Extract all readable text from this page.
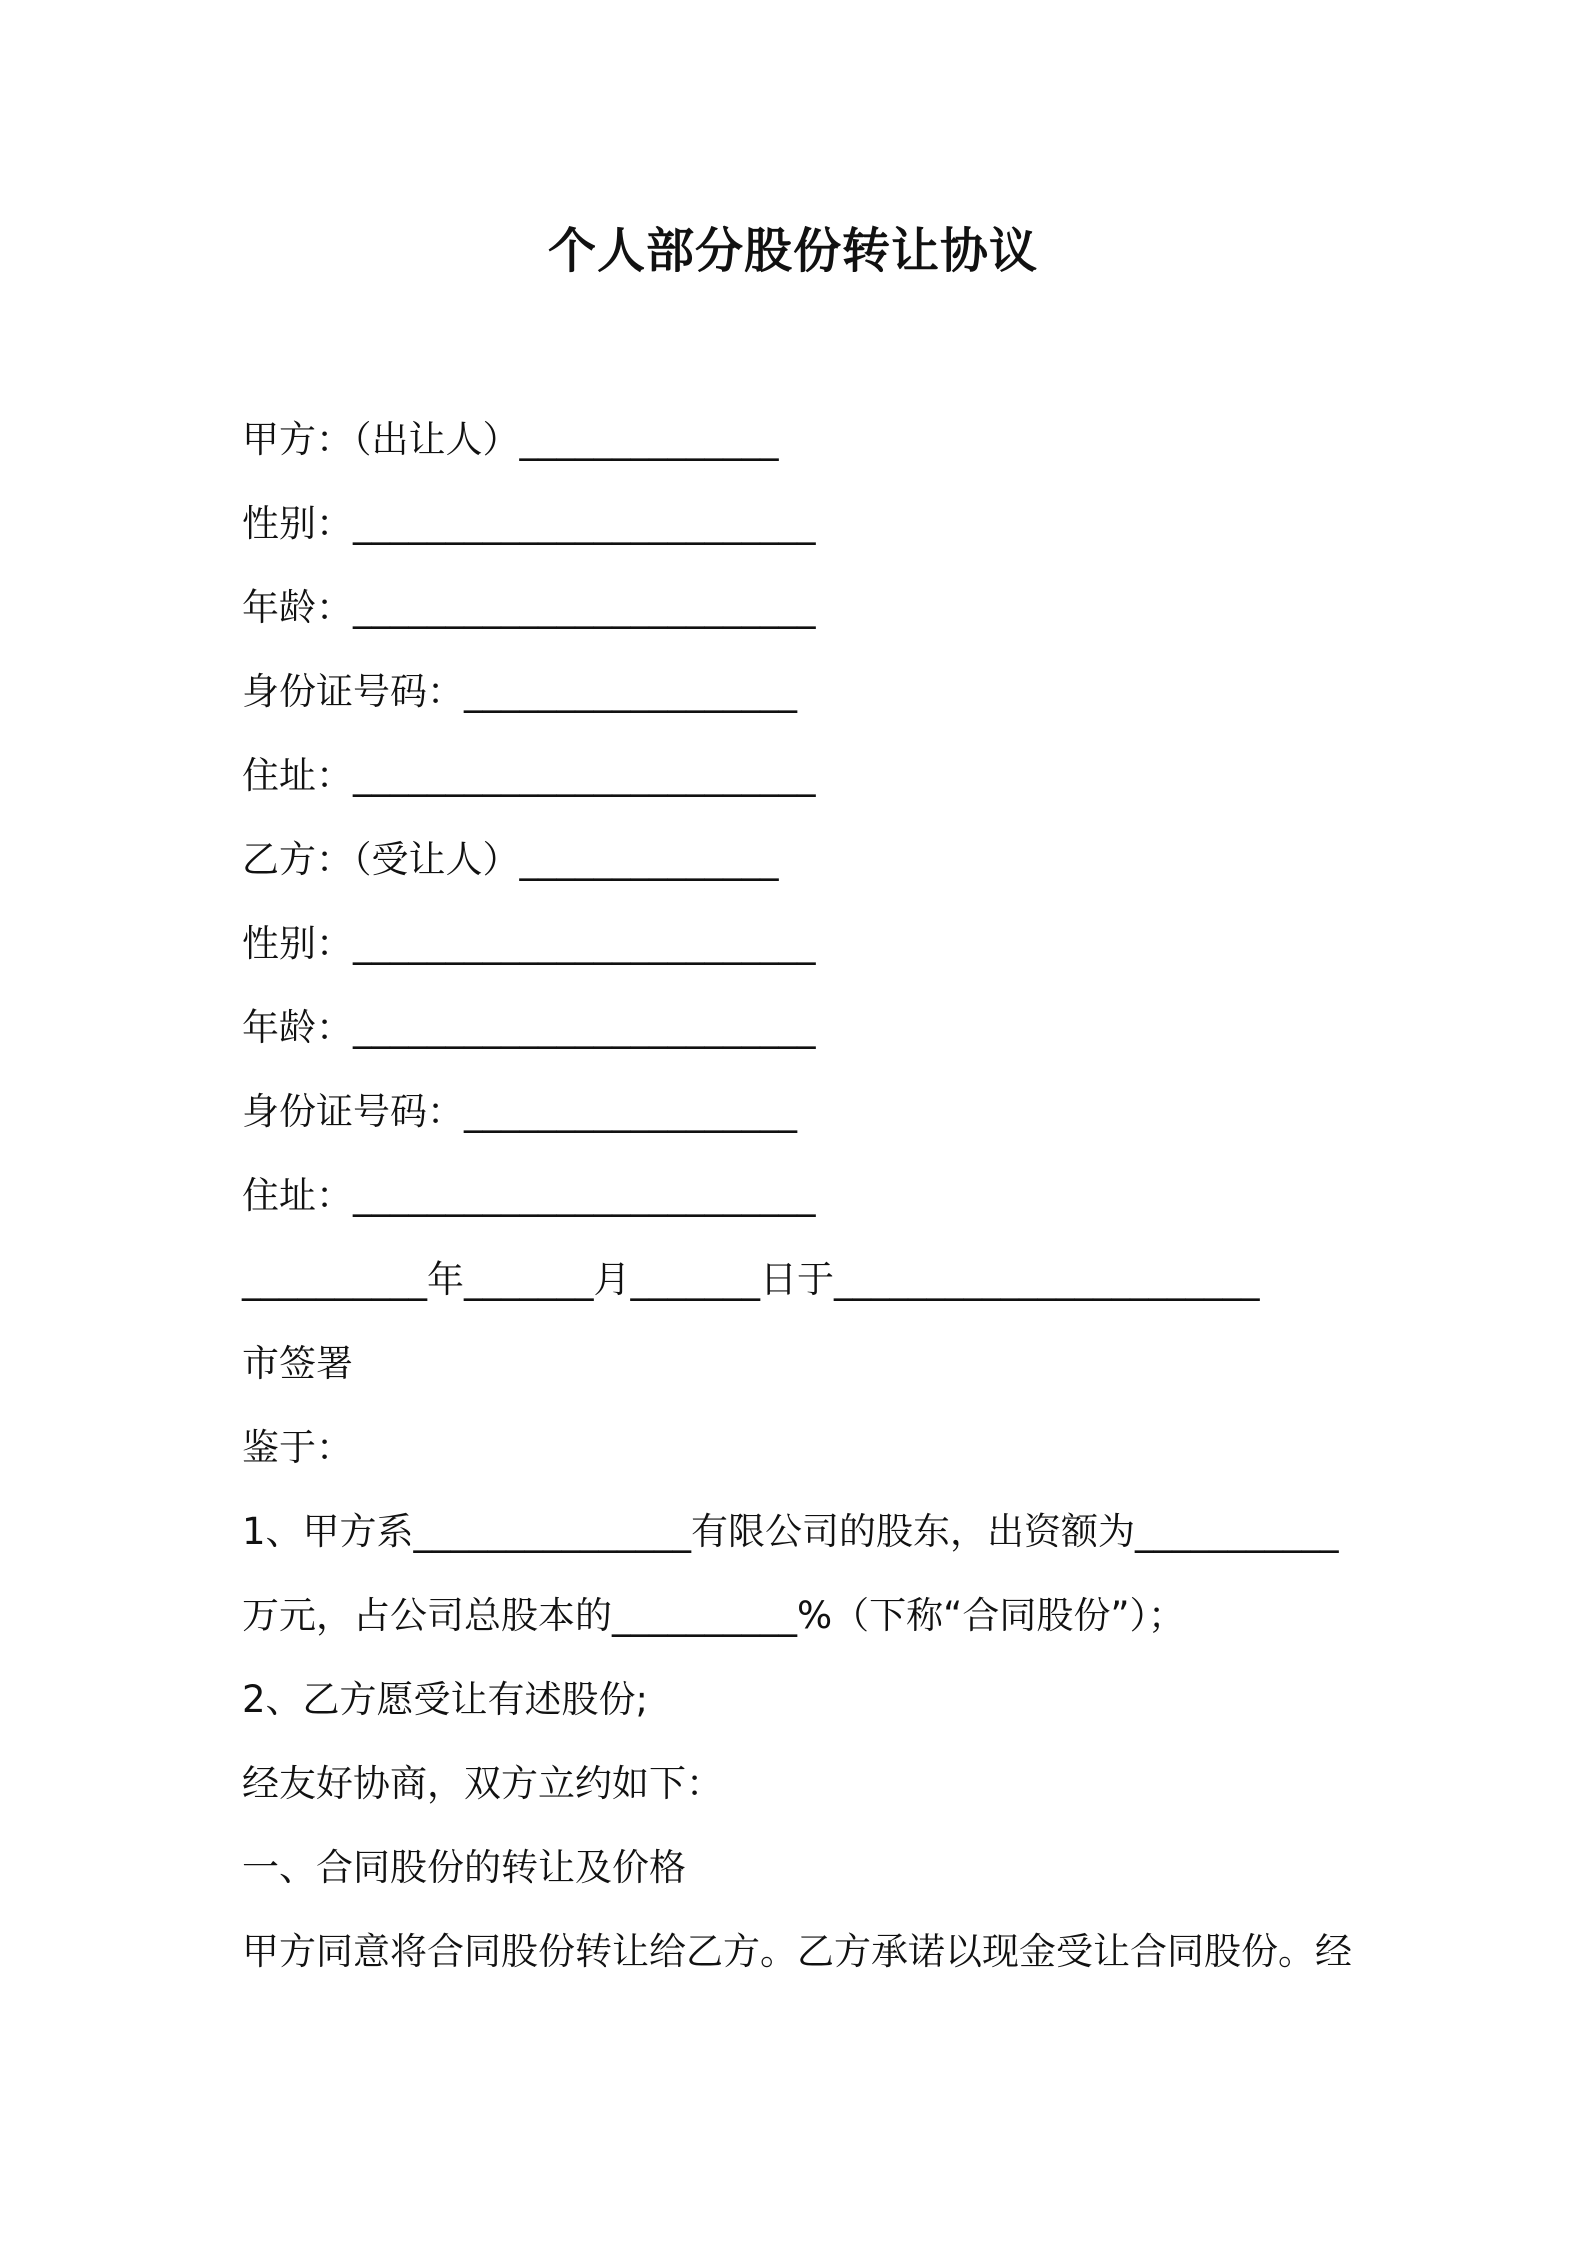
个人部分股份转让协议
甲方：（出让人）______________
性别：_________________________
年龄：_________________________
身份证号码：__________________
住址：_________________________
乙方：（受让人）______________
性别：_________________________
年龄：_________________________
身份证号码：__________________
住址：_________________________
__________年_______月_______日于_______________________
市签署
鉴于：
1、甲方系_______________有限公司的股东，出资额为___________
万元，占公司总股本的__________%（下称“合同股份”）；
2、乙方愿受让有述股份;
经友好协商，双方立约如下：
一、合同股份的转让及价格
甲方同意将合同股份转让给乙方。乙方承诺以现金受让合同股份。经
